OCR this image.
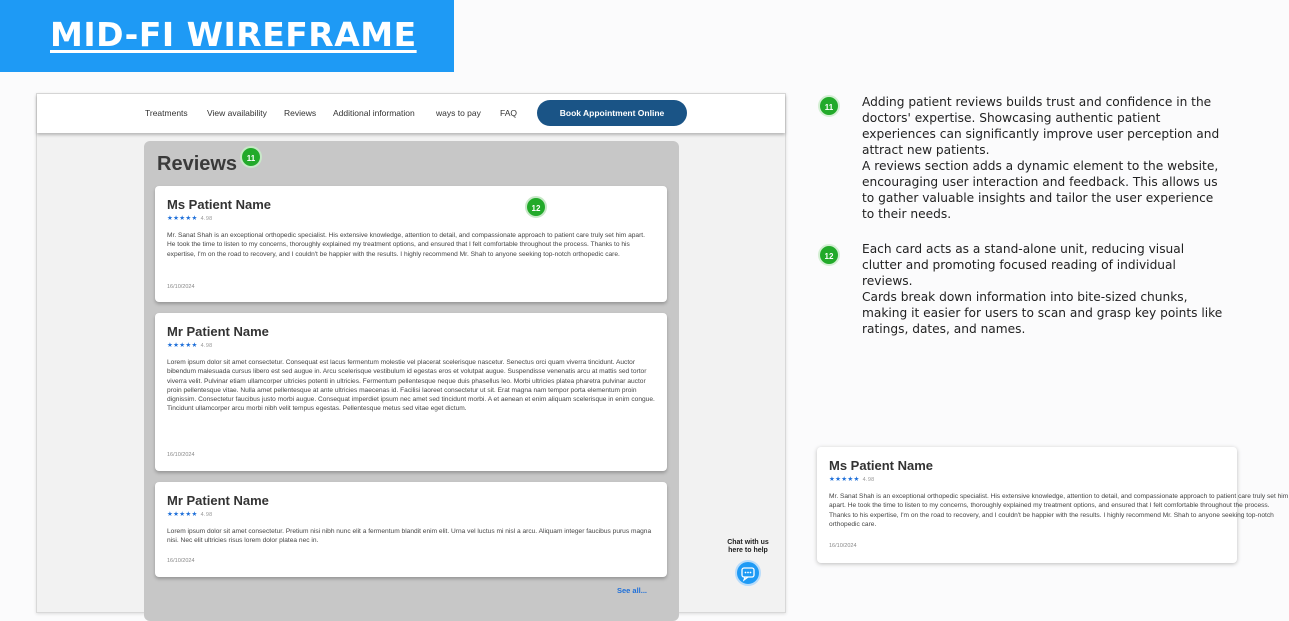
MID-FI WIREFRAME
Treatments View availability Reviews Additional information	ways to pay FAQ	Book Appointment Online
Reviews	11
Ms Patient Name
★★★★★ 4.98
Mr. Sanat Shah is an exceptional orthopedic specialist. His extensive knowledge, attention to detail, and compassionate approach to patient care truly set him apart. He took the time to listen to my concerns, thoroughly explained my treatment options, and ensured that I felt comfortable throughout the process. Thanks to his expertise, I'm on the road to recovery, and I couldn't be happier with the results. I highly recommend Mr. Shah to anyone seeking top-notch orthopedic care.
16/10/2024
12
Mr Patient Name
★★★★★ 4.98
Lorem ipsum dolor sit amet consectetur. Consequat est lacus fermentum molestie vel placerat scelerisque nascetur. Senectus orci quam viverra tincidunt. Auctor bibendum malesuada cursus libero est sed augue in. Arcu scelerisque vestibulum id egestas eros et volutpat augue. Suspendisse venenatis arcu at mattis sed tortor viverra velit. Pulvinar etiam ullamcorper ultricies potenti in ultricies. Fermentum pellentesque neque duis phasellus leo. Morbi ultricies platea pharetra pulvinar auctor proin pellentesque vitae. Nulla amet pellentesque at ante ultricies maecenas id. Facilisi laoreet consectetur ut sit. Erat magna nam tempor porta elementum proin dignissim. Consectetur faucibus justo morbi augue. Consequat imperdiet ipsum nec amet sed tincidunt morbi. A et aenean et enim aliquam scelerisque in enim congue. Tincidunt ullamcorper arcu morbi nibh velit tempus egestas. Pellentesque metus sed vitae eget dictum.
16/10/2024
Mr Patient Name
★★★★★ 4.98
Lorem ipsum dolor sit amet consectetur. Pretium nisi nibh nunc elit a fermentum blandit enim elit. Urna vel luctus mi nisl a arcu. Aliquam integer faucibus purus magna nisi. Nec elit ultricies risus lorem dolor platea nec in.
16/10/2024
See all...
Chat with us
here to help
11	Adding patient reviews builds trust and confidence in the doctors' expertise. Showcasing authentic patient experiences can significantly improve user perception and attract new patients.

A reviews section adds a dynamic element to the website, encouraging user interaction and feedback. This allows us to gather valuable insights and tailor the user experience to their needs.

12

Each card acts as a stand-alone unit, reducing visual clutter and promoting focused reading of individual reviews.

Cards break down information into bite-sized chunks, making it easier for users to scan and grasp key points like ratings, dates, and names.

Ms Patient Name
★★★★★ 4.98
Mr. Sanat Shah is an exceptional orthopedic specialist. His extensive knowledge, attention to detail, and compassionate approach to patient care truly set him apart. He took the time to listen to my concerns, thoroughly explained my treatment options, and ensured that I felt comfortable throughout the process. Thanks to his expertise, I'm on the road to recovery, and I couldn't be happier with the results. I highly recommend Mr. Shah to anyone seeking top-notch orthopedic care.
16/10/2024
